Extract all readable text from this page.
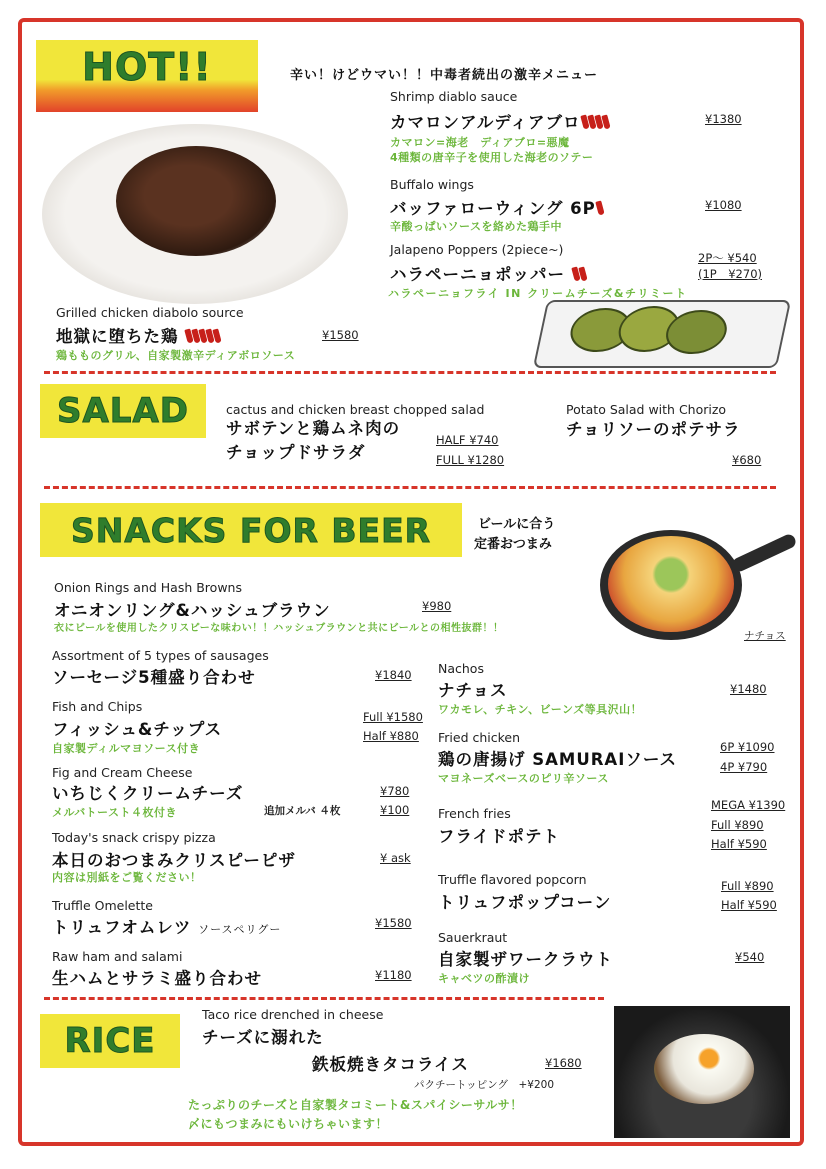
HOT!!	辛い！けどウマい！！中毒者続出の激辛メニュー
Shrimp diablo sauce
カマロンアルディアブロ	¥1380
カマロン=海老　ディアブロ=悪魔
4種類の唐辛子を使用した海老のソテー
Buffalo wings
バッファローウィング 6P	¥1080
辛酸っぱいソースを絡めた鶏手中
Jalapeno Poppers (2piece~)
ハラペーニョポッパー
2P～ ¥540
(1P　¥270)
ハラペーニョフライ IN クリームチーズ&チリミート
Grilled chicken diabolo source
地獄に堕ちた鶏	¥1580
鶏もものグリル、自家製激辛ディアボロソース
SALAD	cactus and chicken breast chopped salad
サボテンと鶏ムネ肉の
チョップドサラダ
HALF ¥740
FULL ¥1280
Potato Salad with Chorizo
チョリソーのポテサラ
¥680
SNACKS FOR BEER	ビールに合う
定番おつまみ
ナチョス
Onion Rings and Hash Browns
オニオンリング&ハッシュブラウン	¥980
衣にビールを使用したクリスピーな味わい！！ハッシュブラウンと共にビールとの相性抜群！！
Assortment of 5 types of sausages
ソーセージ5種盛り合わせ	¥1840
Fish and Chips
フィッシュ&チップス
Full ¥1580
Half ¥880
自家製ディルマヨソース付き
Fig and Cream Cheese
いちじくクリームチーズ	¥780
追加メルバ ４枚	¥100
メルバトースト４枚付き
Today's snack crispy pizza
本日のおつまみクリスピーピザ	¥ ask
内容は別紙をご覧ください！
Truffle Omelette
トリュフオムレツ ソースペリグー	¥1580
Raw ham and salami
生ハムとサラミ盛り合わせ	¥1180
Nachos
ナチョス	¥1480
ワカモレ、チキン、ビーンズ等具沢山！
Fried chicken
鶏の唐揚げ SAMURAIソース
6P ¥1090
4P ¥790
マヨネーズベースのピリ辛ソース
French fries
フライドポテト
MEGA ¥1390
Full ¥890
Half ¥590
Truffle flavored popcorn
トリュフポップコーン
Full ¥890
Half ¥590
Sauerkraut
自家製ザワークラウト	¥540
キャベツの酢漬け
RICE
Taco rice drenched in cheese
チーズに溺れた
鉄板焼きタコライス	¥1680
パクチートッピング　+¥200
たっぷりのチーズと自家製タコミート&スパイシーサルサ！
〆にもつまみにもいけちゃいます！
